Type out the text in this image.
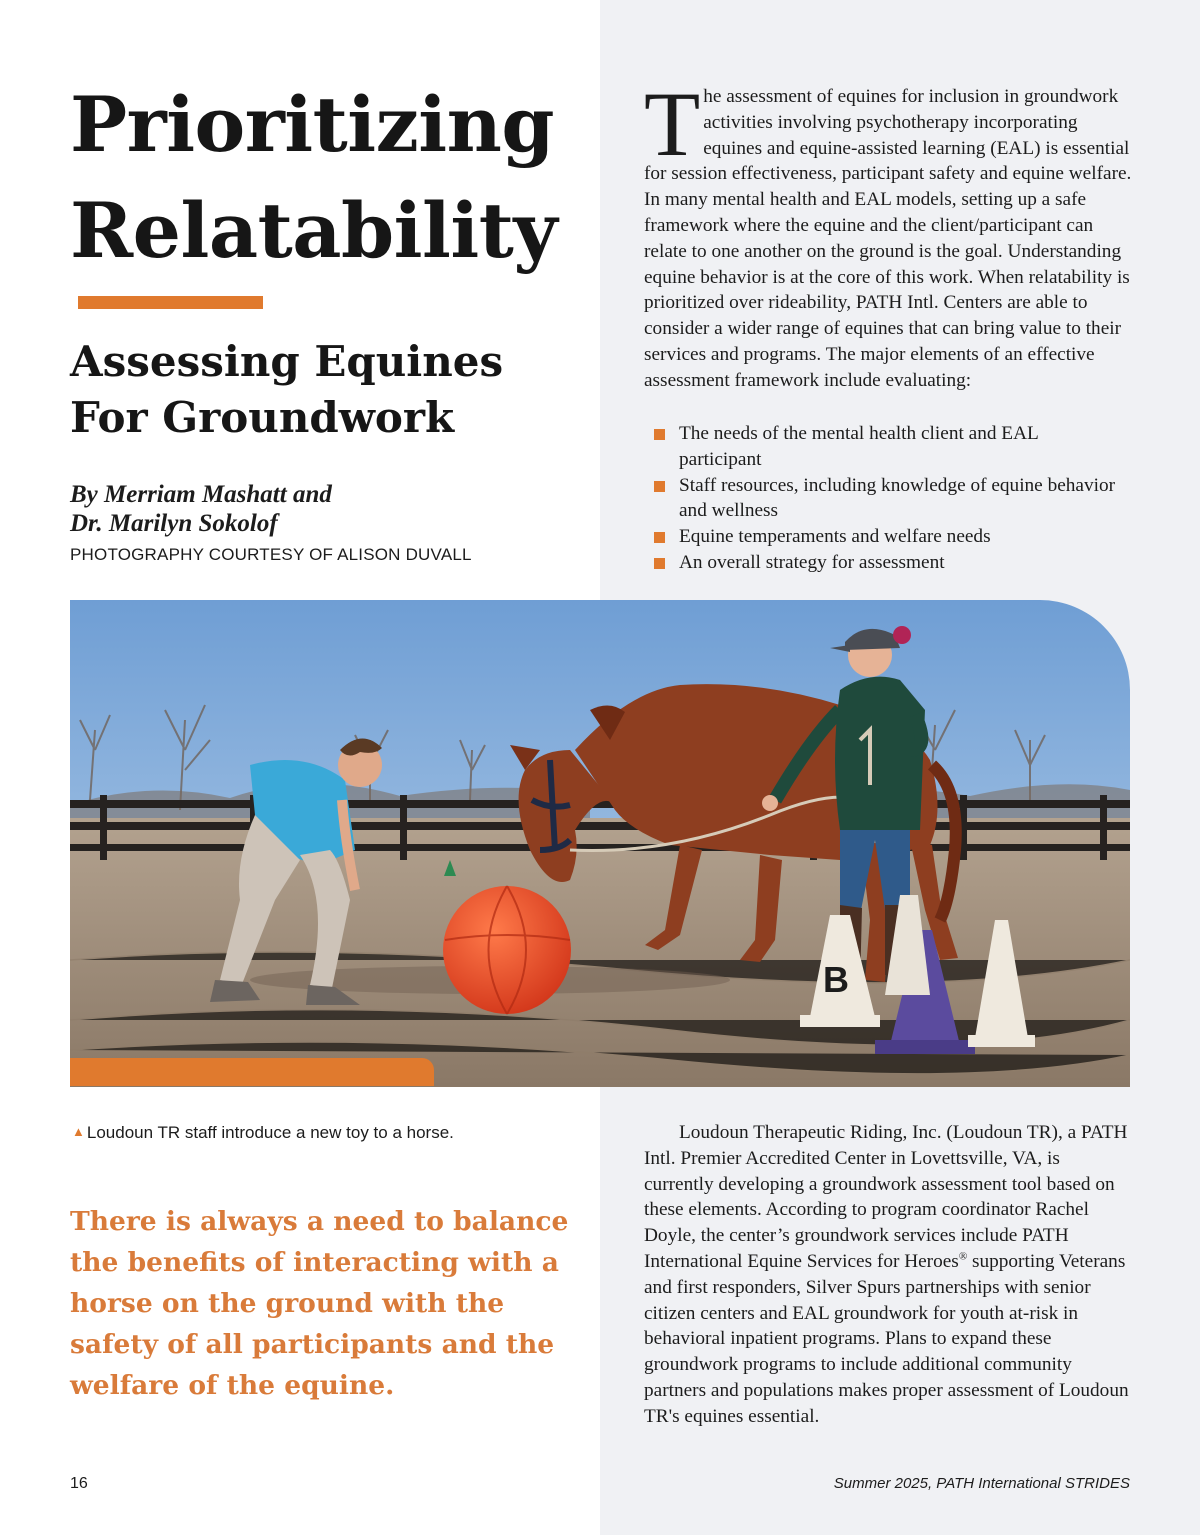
Prioritizing
Relatability
Assessing Equines
For Groundwork
By Merriam Mashatt and
Dr. Marilyn Sokolof
PHOTOGRAPHY COURTESY OF ALISON DUVALL

The assessment of equines for inclusion in groundwork activities involving psychotherapy incorporating equines and equine-assisted learning (EAL) is essential for session effectiveness, participant safety and equine welfare. In many mental health and EAL models, setting up a safe framework where the equine and the client/participant can relate to one another on the ground is the goal. Understanding equine behavior is at the core of this work. When relatability is prioritized over rideability, PATH Intl. Centers are able to consider a wider range of equines that can bring value to their services and programs. The major elements of an effective assessment framework include evaluating:

The needs of the mental health client and EAL participant
Staff resources, including knowledge of equine behavior and wellness
Equine temperaments and welfare needs
An overall strategy for assessment
B
▲ Loudoun TR staff introduce a new toy to a horse.

There is always a need to balance the benefits of interacting with a horse on the ground with the safety of all participants and the welfare of the equine.

Loudoun Therapeutic Riding, Inc. (Loudoun TR), a PATH Intl. Premier Accredited Center in Lovettsville, VA, is currently developing a groundwork assessment tool based on these elements. According to program coordinator Rachel Doyle, the center’s groundwork services include PATH International Equine Services for Heroes® supporting Veterans and first responders, Silver Spurs partnerships with senior citizen centers and EAL groundwork for youth at-risk in behavioral inpatient programs. Plans to expand these groundwork programs to include additional community partners and populations makes proper assessment of Loudoun TR's equines essential.

16	Summer 2025, PATH International STRIDES
